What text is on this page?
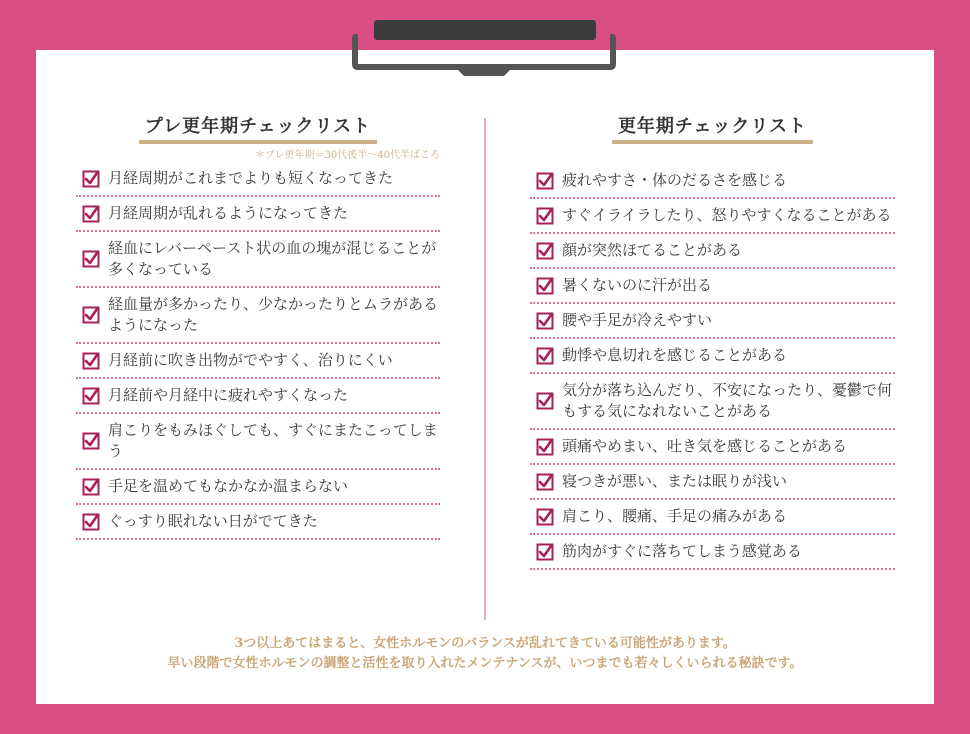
プレ更年期チェックリスト
＊プレ更年期＝30代後半〜40代半ばころ
月経周期がこれまでよりも短くなってきた
月経周期が乱れるようになってきた
経血にレバーペースト状の血の塊が混じることが多くなっている
経血量が多かったり、少なかったりとムラがあるようになった
月経前に吹き出物がでやすく、治りにくい
月経前や月経中に疲れやすくなった
肩こりをもみほぐしても、すぐにまたこってしまう
手足を温めてもなかなか温まらない
ぐっすり眠れない日がでてきた
更年期チェックリスト
疲れやすさ・体のだるさを感じる
すぐイライラしたり、怒りやすくなることがある
顔が突然ほてることがある
暑くないのに汗が出る
腰や手足が冷えやすい
動悸や息切れを感じることがある
気分が落ち込んだり、不安になったり、憂鬱で何もする気になれないことがある
頭痛やめまい、吐き気を感じることがある
寝つきが悪い、または眠りが浅い
肩こり、腰痛、手足の痛みがある
筋肉がすぐに落ちてしまう感覚ある
3つ以上あてはまると、女性ホルモンのバランスが乱れてきている可能性があります。
早い段階で女性ホルモンの調整と活性を取り入れたメンテナンスが、いつまでも若々しくいられる秘訣です。
